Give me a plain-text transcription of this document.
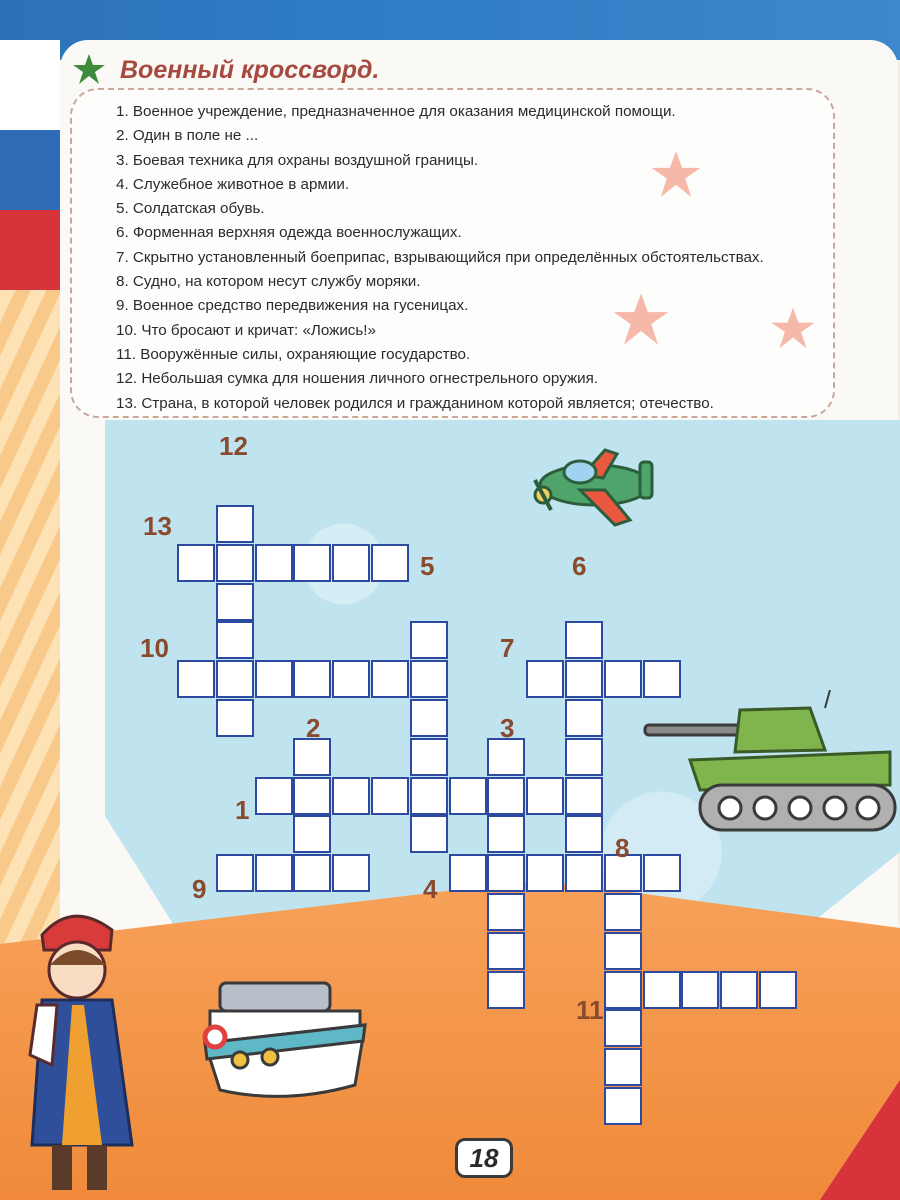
Военный кроссворд.
1. Военное учреждение, предназначенное для оказания медицинской помощи.
2. Один в поле не ...
3. Боевая техника для охраны воздушной границы.
4. Служебное животное в армии.
5. Солдатская обувь.
6. Форменная верхняя одежда военнослужащих.
7. Скрытно установленный боеприпас, взрывающийся при определённых обстоятельствах.
8. Судно, на котором несут службу моряки.
9. Военное средство передвижения на гусеницах.
10. Что бросают и кричат: «Ложись!»
11. Вооружённые силы, охраняющие государство.
12. Небольшая сумка для ношения личного огнестрельного оружия.
13. Страна, в которой человек родился и гражданином которой является; отечество.
12
13
5	6
10	7
2	3
1
8
9	4
11
18
